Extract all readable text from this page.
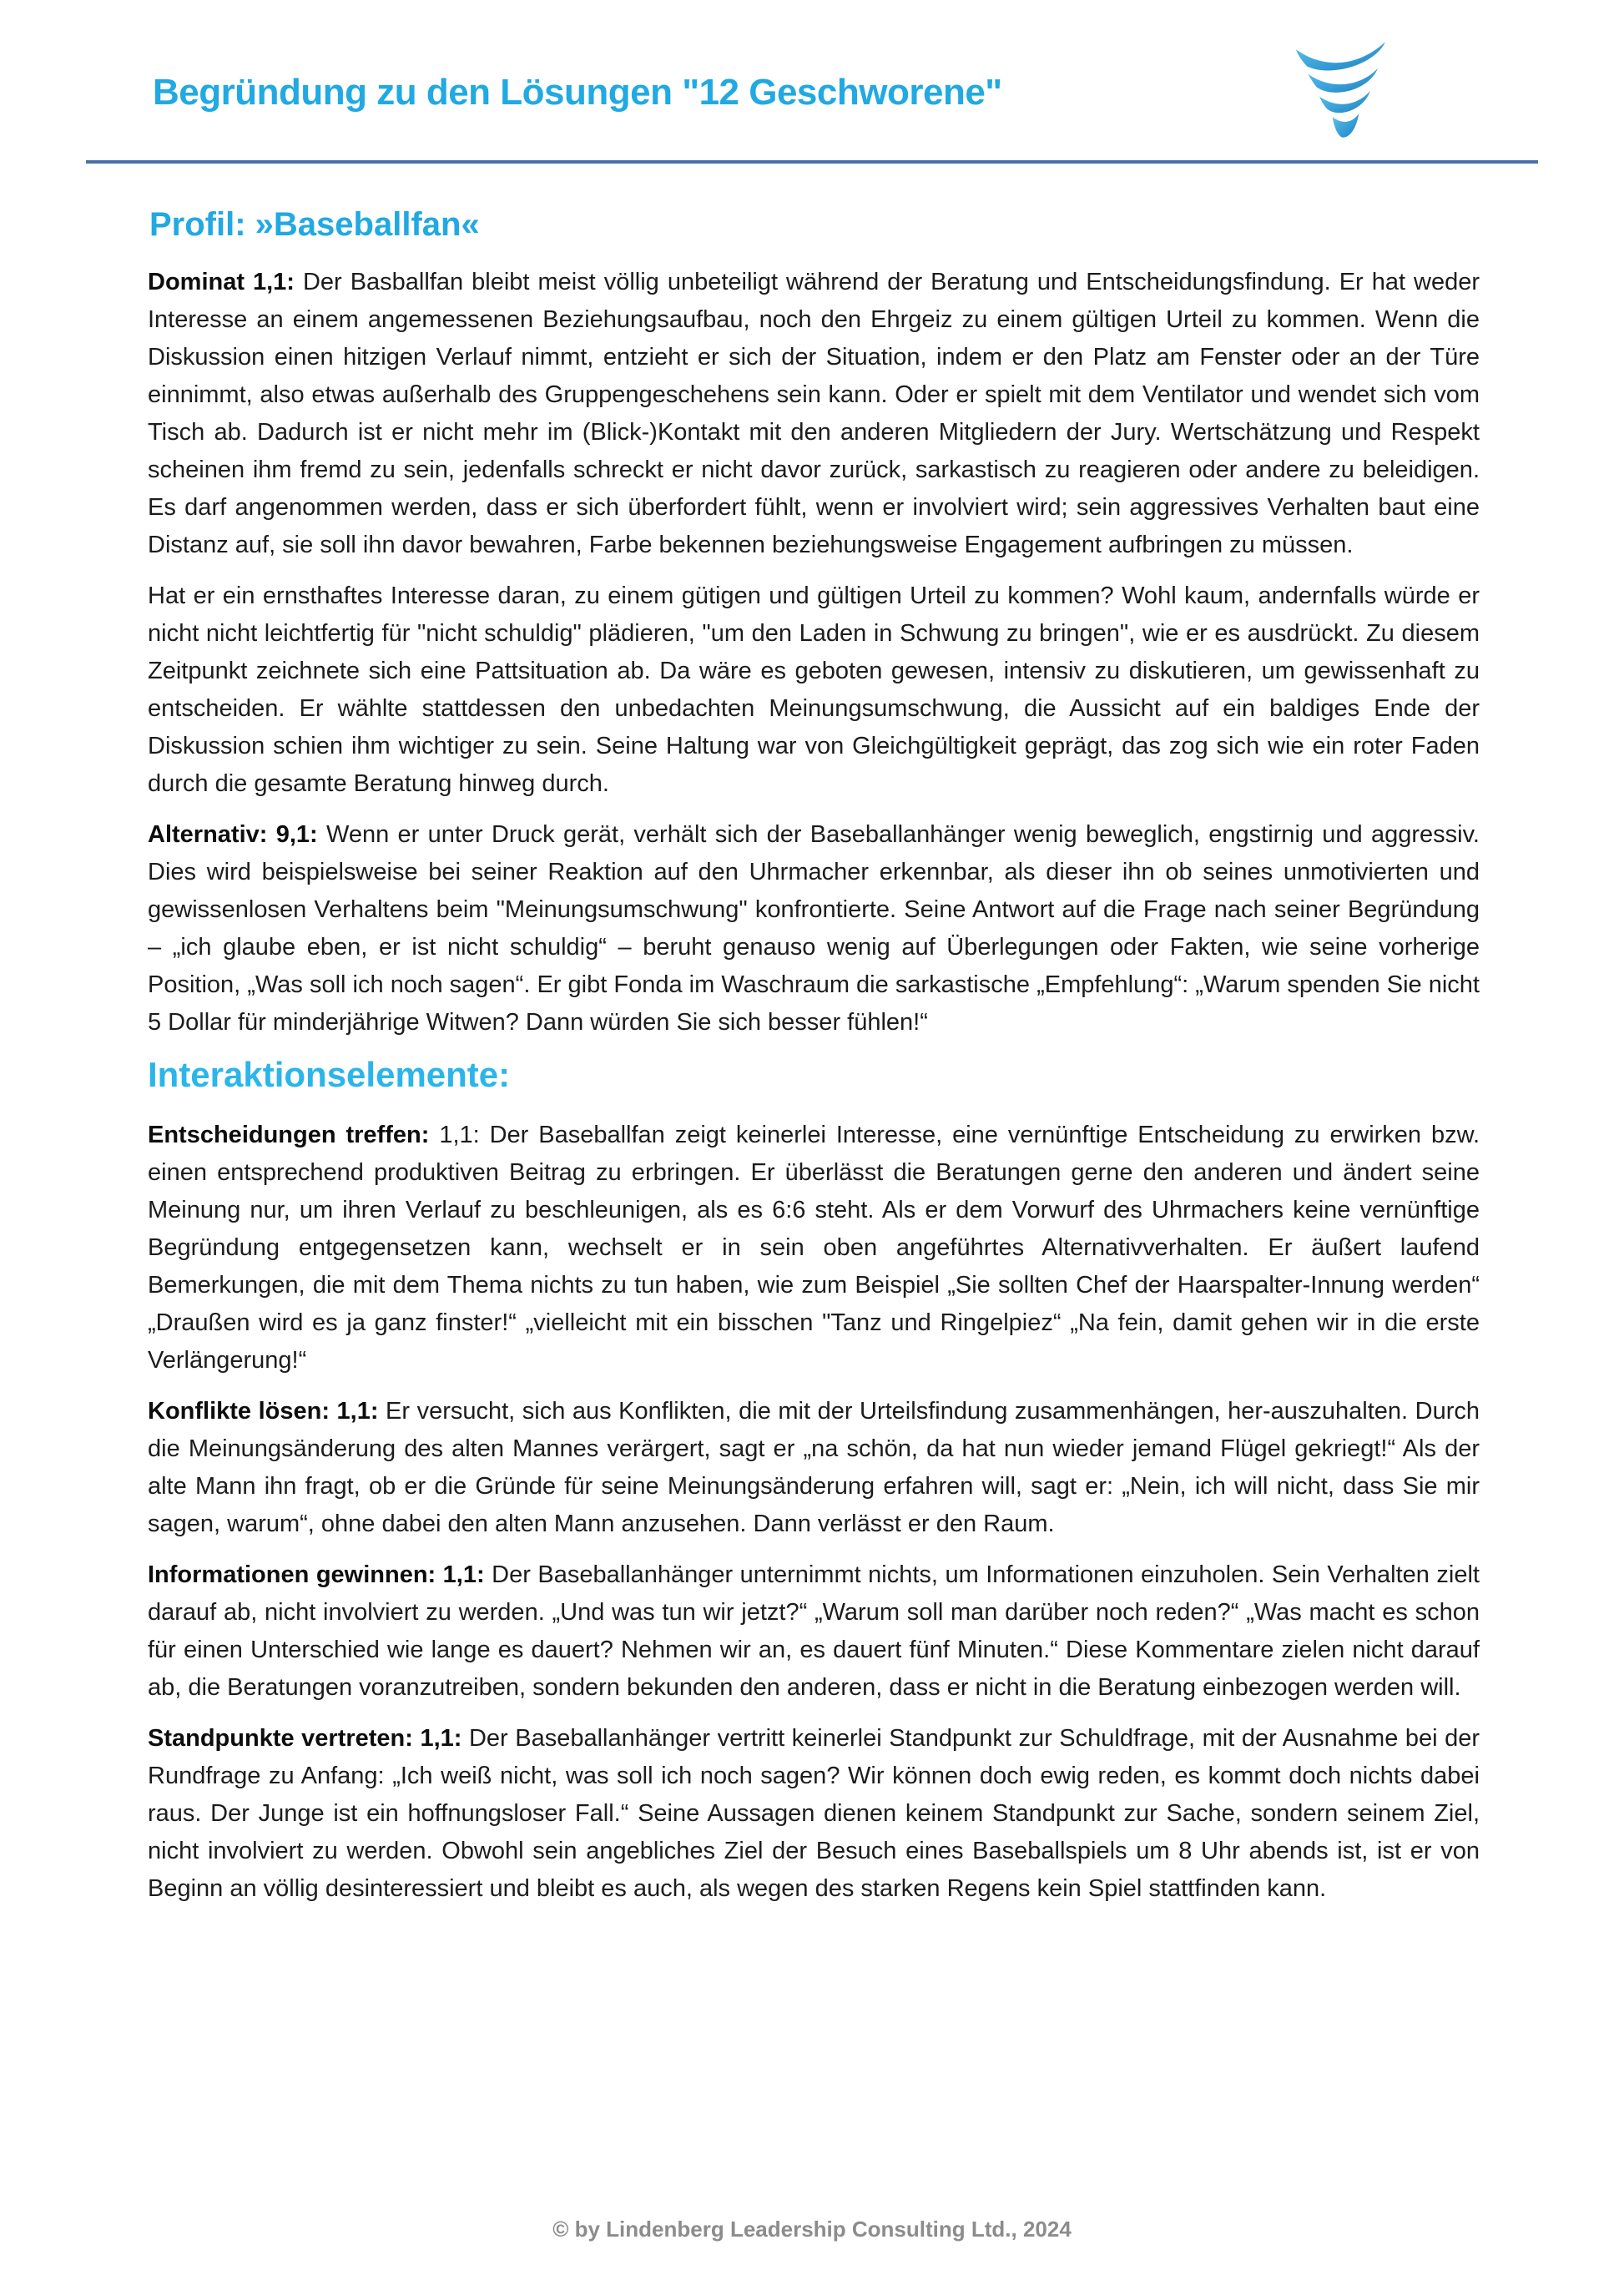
Begründung zu den Lösungen "12 Geschworene"
Profil: »Baseballfan«

Dominat 1,1: Der Basballfan bleibt meist völlig unbeteiligt während der Beratung und Entscheidungsfindung. Er hat weder Interesse an einem angemessenen Beziehungsaufbau, noch den Ehrgeiz zu einem gültigen Urteil zu kommen. Wenn die Diskussion einen hitzigen Verlauf nimmt, entzieht er sich der Situation, indem er den Platz am Fenster oder an der Türe einnimmt, also etwas außerhalb des Gruppengeschehens sein kann. Oder er spielt mit dem Ventilator und wendet sich vom Tisch ab. Dadurch ist er nicht mehr im (Blick-)Kontakt mit den anderen Mitgliedern der Jury. Wertschätzung und Respekt scheinen ihm fremd zu sein, jedenfalls schreckt er nicht davor zurück, sarkastisch zu reagieren oder andere zu beleidigen. Es darf angenommen werden, dass er sich überfordert fühlt, wenn er involviert wird; sein aggressives Verhalten baut eine Distanz auf, sie soll ihn davor bewahren, Farbe bekennen beziehungsweise Engagement aufbringen zu müssen.

Hat er ein ernsthaftes Interesse daran, zu einem gütigen und gültigen Urteil zu kommen? Wohl kaum, andernfalls würde er nicht nicht leichtfertig für "nicht schuldig" plädieren, "um den Laden in Schwung zu bringen", wie er es ausdrückt. Zu diesem Zeitpunkt zeichnete sich eine Pattsituation ab. Da wäre es geboten gewesen, intensiv zu diskutieren, um gewissenhaft zu entscheiden. Er wählte stattdessen den unbedachten Meinungsumschwung, die Aussicht auf ein baldiges Ende der Diskussion schien ihm wichtiger zu sein. Seine Haltung war von Gleichgültigkeit geprägt, das zog sich wie ein roter Faden durch die gesamte Beratung hinweg durch.

Alternativ: 9,1: Wenn er unter Druck gerät, verhält sich der Baseballanhänger wenig beweglich, engstirnig und aggressiv. Dies wird beispielsweise bei seiner Reaktion auf den Uhrmacher erkennbar, als dieser ihn ob seines unmotivierten und gewissenlosen Verhaltens beim "Meinungsumschwung" konfrontierte. Seine Antwort auf die Frage nach seiner Begründung – „ich glaube eben, er ist nicht schuldig“ – beruht genauso wenig auf Überlegungen oder Fakten, wie seine vorherige Position, „Was soll ich noch sagen“. Er gibt Fonda im Waschraum die sarkastische „Empfehlung“: „Warum spenden Sie nicht 5 Dollar für minderjährige Witwen? Dann würden Sie sich besser fühlen!“

Interaktionselemente:

Entscheidungen treffen: 1,1: Der Baseballfan zeigt keinerlei Interesse, eine vernünftige Entscheidung zu erwirken bzw. einen entsprechend produktiven Beitrag zu erbringen. Er überlässt die Beratungen gerne den anderen und ändert seine Meinung nur, um ihren Verlauf zu beschleunigen, als es 6:6 steht. Als er dem Vorwurf des Uhrmachers keine vernünftige Begründung entgegensetzen kann, wechselt er in sein oben angeführtes Alternativverhalten. Er äußert laufend Bemerkungen, die mit dem Thema nichts zu tun haben, wie zum Beispiel „Sie sollten Chef der Haarspalter-Innung werden“ „Draußen wird es ja ganz finster!“ „vielleicht mit ein bisschen "Tanz und Ringelpiez“ „Na fein, damit gehen wir in die erste Verlängerung!“

Konflikte lösen: 1,1: Er versucht, sich aus Konflikten, die mit der Urteilsfindung zusammenhängen, her-auszuhalten. Durch die Meinungsänderung des alten Mannes verärgert, sagt er „na schön, da hat nun wieder jemand Flügel gekriegt!“ Als der alte Mann ihn fragt, ob er die Gründe für seine Meinungsänderung erfahren will, sagt er: „Nein, ich will nicht, dass Sie mir sagen, warum“, ohne dabei den alten Mann anzusehen. Dann verlässt er den Raum.

Informationen gewinnen: 1,1: Der Baseballanhänger unternimmt nichts, um Informationen einzuholen. Sein Verhalten zielt darauf ab, nicht involviert zu werden. „Und was tun wir jetzt?“ „Warum soll man darüber noch reden?“ „Was macht es schon für einen Unterschied wie lange es dauert? Nehmen wir an, es dauert fünf Minuten.“ Diese Kommentare zielen nicht darauf ab, die Beratungen voranzutreiben, sondern bekunden den anderen, dass er nicht in die Beratung einbezogen werden will.

Standpunkte vertreten: 1,1: Der Baseballanhänger vertritt keinerlei Standpunkt zur Schuldfrage, mit der Ausnahme bei der Rundfrage zu Anfang: „Ich weiß nicht, was soll ich noch sagen? Wir können doch ewig reden, es kommt doch nichts dabei raus. Der Junge ist ein hoffnungsloser Fall.“ Seine Aussagen dienen keinem Standpunkt zur Sache, sondern seinem Ziel, nicht involviert zu werden. Obwohl sein angebliches Ziel der Besuch eines Baseballspiels um 8 Uhr abends ist, ist er von Beginn an völlig desinteressiert und bleibt es auch, als wegen des starken Regens kein Spiel stattfinden kann.

© by Lindenberg Leadership Consulting Ltd., 2024
